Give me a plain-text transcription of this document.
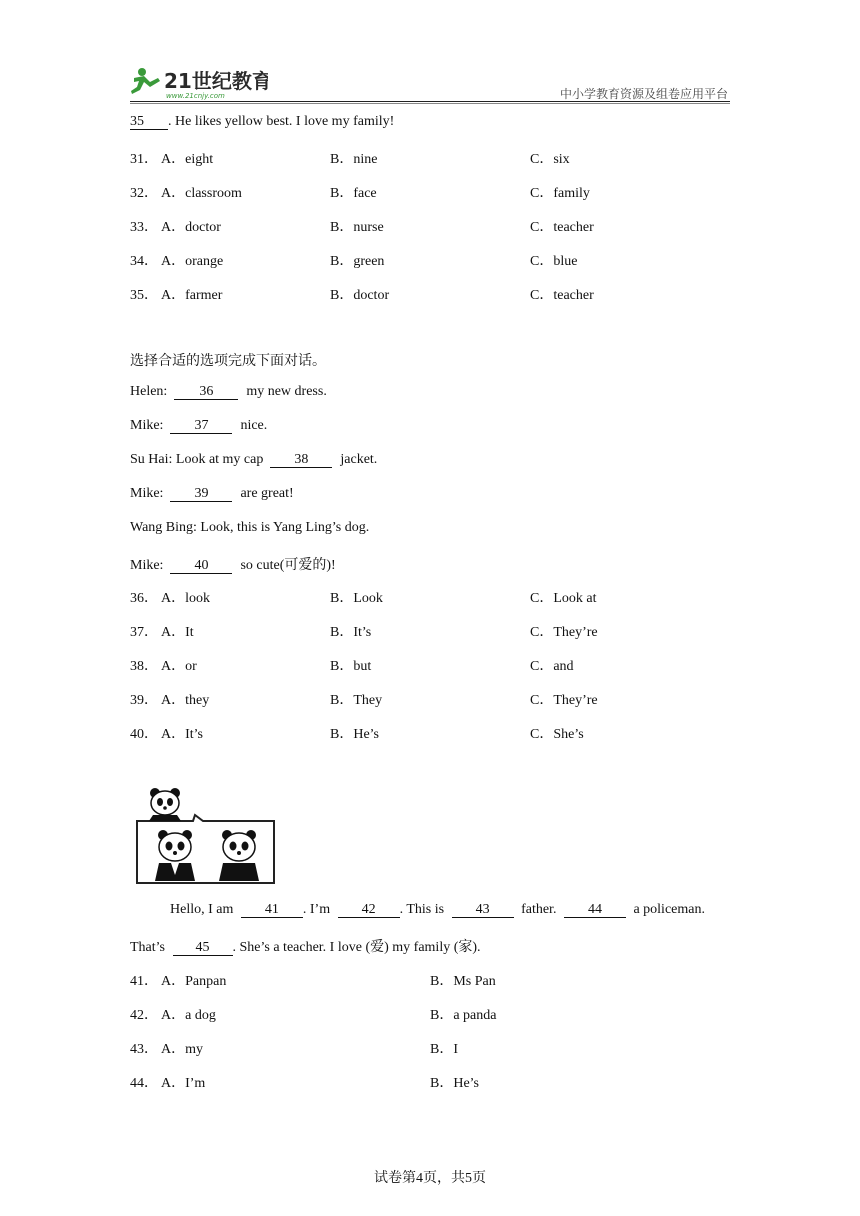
21世纪教育
www.21cnjy.com	中小学教育资源及组卷应用平台
35 . He likes yellow best. I love my family!
31． A．eight	B．nine	C．six
32． A．classroom	B．face	C．family
33． A．doctor	B．nurse	C．teacher
34． A．orange	B．green	C．blue
35． A．farmer	B．doctor	C．teacher
选择合适的选项完成下面对话。
Helen: 36 my new dress.
Mike: 37 nice.
Su Hai: Look at my cap 38 jacket.
Mike: 39 are great!
Wang Bing: Look, this is Yang Ling’s dog.
Mike: 40 so cute(可爱的)!
36． A．look	B．Look	C．Look at
37． A．It	B．It’s	C．They’re
38． A．or	B．but	C．and
39． A．they	B．They	C．They’re
40． A．It’s	B．He’s	C．She’s
Hello, I am 41 . I’m 42 . This is 43 father. 44 a policeman.
That’s 45 . She’s a teacher. I love (爱) my family (家).
41． A．Panpan	B．Ms Pan
42． A．a dog	B．a panda
43． A．my	B．I
44． A．I’m	B．He’s
试卷第4页，共5页
